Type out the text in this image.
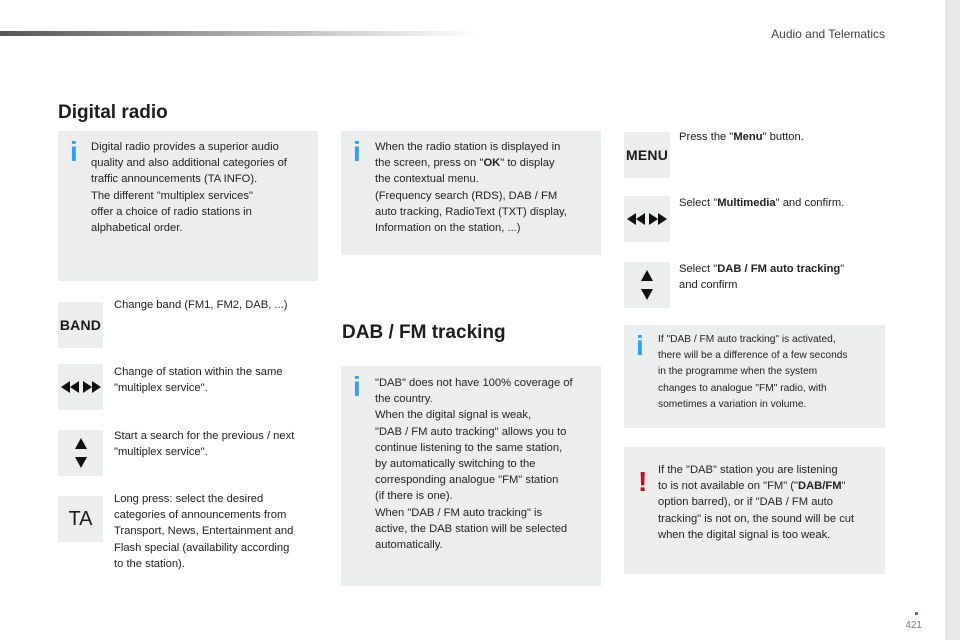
Audio and Telematics
Digital radio
i Digital radio provides a superior audio
quality and also additional categories of
traffic announcements (TA INFO).
The different "multiplex services"
offer a choice of radio stations in
alphabetical order.
i When the radio station is displayed in
the screen, press on "OK" to display
the contextual menu.
(Frequency search (RDS), DAB / FM
auto tracking, RadioText (TXT) display,
Information on the station, ...)
BAND
Change band (FM1, FM2, DAB, ...)
Change of station within the same
"multiplex service".
Start a search for the previous / next
"multiplex service".
TA
Long press: select the desired
categories of announcements from
Transport, News, Entertainment and
Flash special (availability according
to the station).
DAB / FM tracking
i "DAB" does not have 100% coverage of
the country.
When the digital signal is weak,
"DAB / FM auto tracking" allows you to
continue listening to the same station,
by automatically switching to the
corresponding analogue "FM" station
(if there is one).
When "DAB / FM auto tracking" is
active, the DAB station will be selected
automatically.
MENU
Press the "Menu" button.
Select "Multimedia" and confirm.
Select "DAB / FM auto tracking"
and confirm
i If "DAB / FM auto tracking" is activated,
there will be a difference of a few seconds
in the programme when the system
changes to analogue "FM" radio, with
sometimes a variation in volume.
! If the "DAB" station you are listening
to is not available on "FM" ("DAB/FM"
option barred), or if "DAB / FM auto
tracking" is not on, the sound will be cut
when the digital signal is too weak.
421
